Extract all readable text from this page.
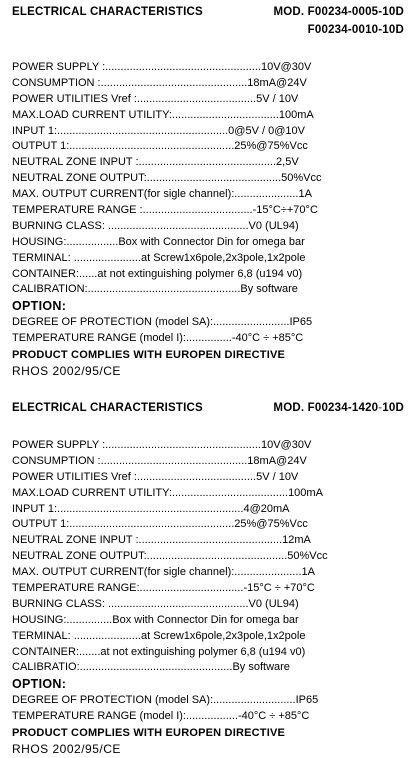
ELECTRICAL CHARACTERISTICS	MOD. F00234-0005-10D
F00234-0010-10D
POWER SUPPLY :...................................................10V@30V
CONSUMPTION :................................................18mA@24V
POWER UTILITIES Vref :.......................................5V / 10V
MAX.LOAD CURRENT UTILITY:...................................100mA
INPUT 1:........................................................0@5V / 0@10V
OUTPUT 1:......................................................25%@75%Vcc
NEUTRAL ZONE INPUT :.............................................2,5V
NEUTRAL ZONE OUTPUT:............................................50%Vcc
MAX. OUTPUT CURRENT(for sigle channel):.....................1A
TEMPERATURE RANGE :....................................-15°C÷+70°C
BURNING CLASS: ..............................................V0 (UL94)
HOUSING:.................Box with Connector Din for omega bar
TERMINAL: ......................at Screw1x6pole,2x3pole,1x2pole
CONTAINER:......at not extinguishing polymer 6,8 (u194 v0)
CALIBRATION:..................................................By software
OPTION:
DEGREE OF PROTECTION (model SA):.........................IP65
TEMPERATURE RANGE (model I):...............-40°C ÷ +85°C
PRODUCT COMPLIES WITH EUROPEN DIRECTIVE
RHOS 2002/95/CE
ELECTRICAL CHARACTERISTICS	MOD. F00234-1420-10D
POWER SUPPLY :...................................................10V@30V
CONSUMPTION :................................................18mA@24V
POWER UTILITIES Vref :.......................................5V / 10V
MAX.LOAD CURRENT UTILITY:......................................100mA
INPUT 1:.............................................................4@20mA
OUTPUT 1:......................................................25%@75%Vcc
NEUTRAL ZONE INPUT :...............................................12mA
NEUTRAL ZONE OUTPUT:..............................................50%Vcc
MAX. OUTPUT CURRENT(for sigle channel):......................1A
TEMPERATURE RANGE:..................................-15°C ÷ +70°C
BURNING CLASS: ..............................................V0 (UL94)
HOUSING:...............Box with Connector Din for omega bar
TERMINAL: ......................at Screw1x6pole,2x3pole,1x2pole
CONTAINER:.......at not extinguishing polymer 6,8 (u194 v0)
CALIBRATIO:..................................................By software
OPTION:
DEGREE OF PROTECTION (model SA):...........................IP65
TEMPERATURE RANGE (model I):.................-40°C ÷ +85°C
PRODUCT COMPLIES WITH EUROPEN DIRECTIVE
RHOS 2002/95/CE
